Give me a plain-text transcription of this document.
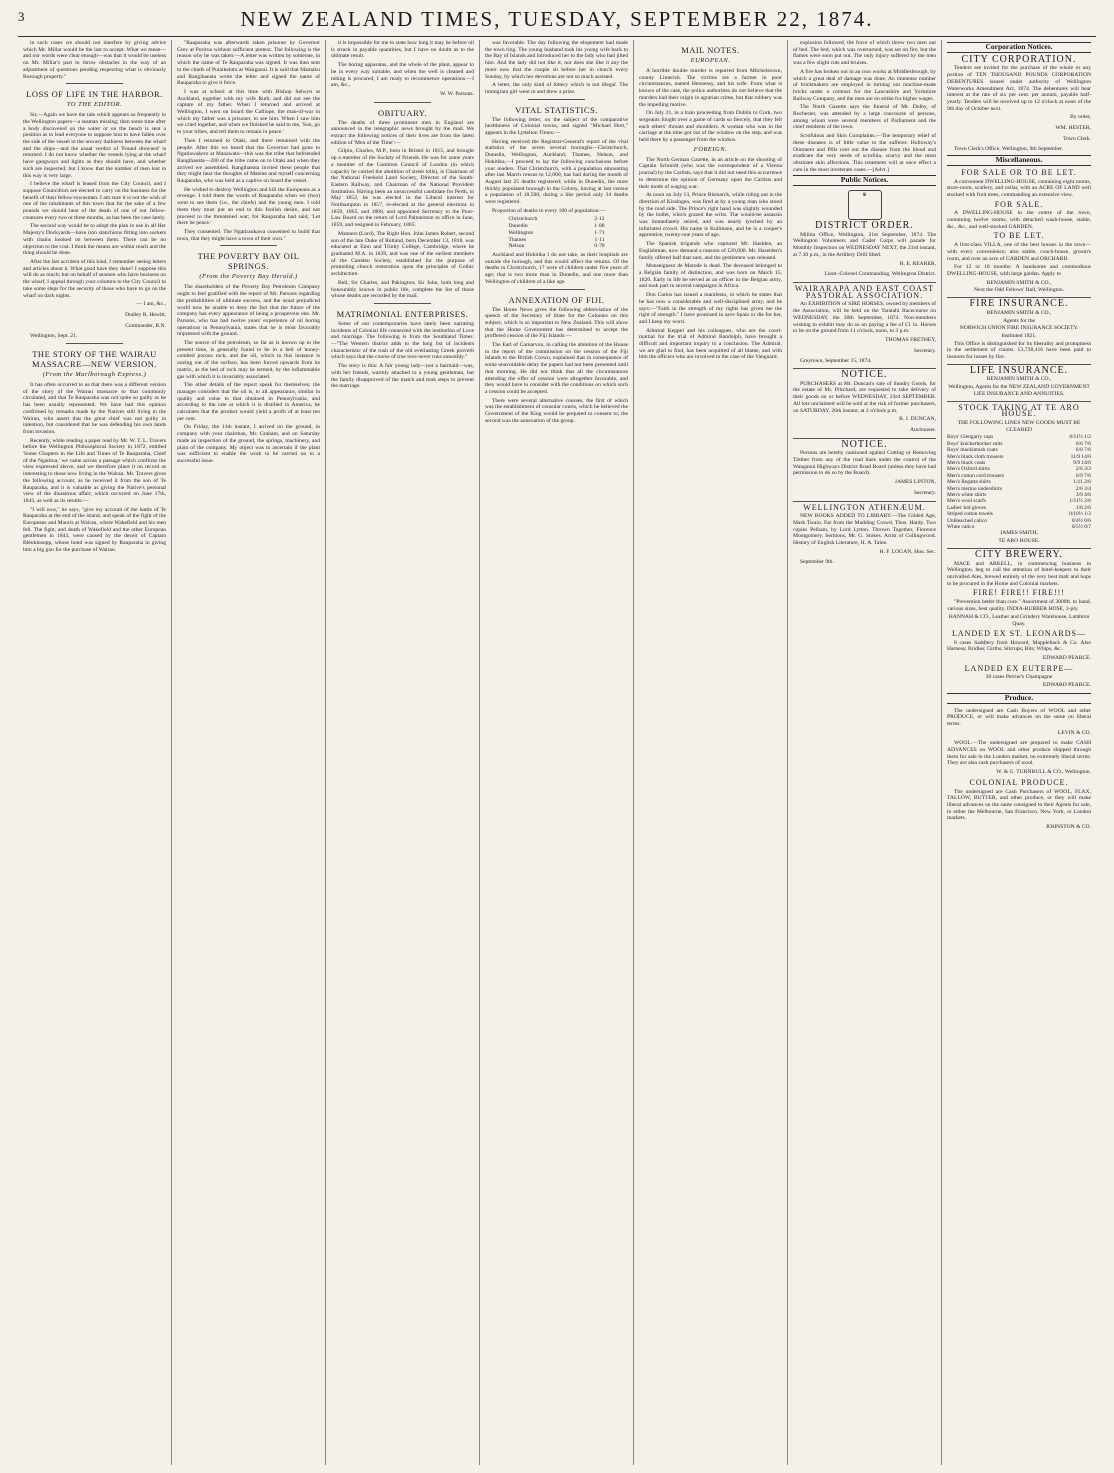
3	NEW ZEALAND TIMES, TUESDAY, SEPTEMBER 22, 1874.

in such cases we should not interfere by giving advice which Mr. Millar would be the last to accept. What we mean—and our words were clear enough—was that it would be useless on Mr. Millar's part to throw obstacles in the way of an adjustment of questions pending respecting what is obviously Borough property."

LOSS OF LIFE IN THE HARBOR.
TO THE EDITOR.

Sir,—Again we have the tale which appears so frequently in the Wellington papers—a seaman missing; then some time after a body discovered on the water or on the beach is sent a position as to lead everyone to suppose him to have fallen over the side of the vessel in the unwary darkness between the wharf and the ships—and the usual verdict of 'Found drowned' is returned. I do not know whether the vessels lying at the wharf have gangways and lights as they should have, and whether such are inspected; but I know that the number of men lost in this way is very large.

I believe the wharf is leased from the City Council, and I suppose Councillors are elected to carry on the business for the benefit of their fellow-townsmen. I am sure it is not the wish of one of the inhabitants of this town that for the sake of a few pounds we should hear of the death of one of our fellow-creatures every two or three months, as has been the case lately.

The second way would be to adopt the plan in use in all Her Majesty's Dockyards—have iron stanchions fitting into sockets with chains hooked on between them. There can be no objection to the cost. I think the means are within reach and the thing should be done.

After the last accident of this kind, I remember seeing letters and articles about it. What good have they done? I suppose this will do as much; but on behalf of seamen who have business on the wharf, I appeal through your columns to the City Council to take some steps for the security of those who have to go on the wharf on dark nights.

— I am, &c.,
Dudley R. Hewitt,
Commander, R.N.

Wellington, Sept. 21.

THE STORY OF THE WAIRAU MASSACRE—NEW VERSION.
(From the Marlborough Express.)

It has often occurred to us that there was a different version of the story of the Wairau massacre to that commonly circulated, and that Te Rauparaha was not quite so guilty as he has been usually represented. We have had this opinion confirmed by remarks made by the Natives still living in the Wairau, who assert that the great chief was not guilty in intention, but considered that he was defending his own lands from invasion.

Recently, while reading a paper read by Mr. W. T. L. Travers before the Wellington Philosophical Society in 1872, entitled 'Some Chapters in the Life and Times of Te Rauparaha, Chief of the Ngatitoa,' we came across a passage which confirms the view expressed above, and we therefore place it on record as interesting to those now living in the Wairau. Mr. Travers gives the following account, as he received it from the son of Te Rauparaha, and it is valuable as giving the Native's personal view of the disastrous affair, which occurred on June 17th, 1843, as well as its results:—

"I will now," he says, "give my account of the battle of Te Rauparaha at the end of the island, and speak of the fight of the Europeans and Maoris at Wairau, where Wakefield and his men fell. The fight, and death of Wakefield and the other European gentlemen in 1843, were caused by the deceit of Captain Blenkinsopp, whose bond was signed by Rauparaha in giving him a big gun for the purchase of Wairau.

"Rauparaha was afterwards taken prisoner by Governor Grey at Porirua without sufficient pretext. The following is the reason why he was taken:—A letter was written by someone, in which the name of Te Rauparaha was signed. It was then sent to the chiefs of Putaiketutu at Wanganui. It is said that Mamaku and Rangihaeata wrote the letter and signed the name of Rauparaha to give it force.

I was at school at this time with Bishop Selwyn at Auckland, together with my wife Ruth, and did not see the capture of my father. When I returned and arrived at Wellington, I went on board the Calliope, the man-of-war in which my father was a prisoner, to see him. When I saw him we cried together, and when we finished he said to me, 'Son, go to your tribes, and tell them to remain in peace.'

Then I returned to Otaki, and there remained with the people. After this we heard that the Governor had gone to Ngatiawakero at Manawatu—this was the tribe that befriended Rangihaeata—200 of the tribe came on to Otaki and when they arrived we assembled. Rangihaeata invited these people that they might hear the thoughts of Matene and myself concerning Rauparaha, who was held as a captive on board the vessel.

He wished to destroy Wellington and kill the Europeans as a revenge. I told them the words of Rauparaha when we (two) went to see them (i.e., the chiefs) and the young men. I told them they must put an end to this foolish desire, and not proceed to the threatened war; for Rauparaha had said, 'Let there be peace.'

They consented. The Ngatiraukawa consented to build that town, that they might have a town of their own."

THE POVERTY BAY OIL SPRINGS.
(From the Poverty Bay Herald.)

The shareholders of the Poverty Bay Petroleum Company ought to feel gratified with the report of Mr. Parsons regarding the probabilities of ultimate success, and the usual prejudiced world now be unable to deny the fact that the future of the company has every appearance of being a prosperous one. Mr. Parsons, who has had twelve years' experience of oil boring operations in Pennsylvania, states that he is most favorably impressed with the ground.

The source of the petroleum, so far as is known up to the present time, is generally found to be in a belt of honey-combed porous rock, and the oil, which in this instance is oozing out of the surface, has been forced upwards from its matrix, as the bed of rock may be termed, by the inflammable gas with which it is invariably associated.

The other details of the report speak for themselves; the manager considers that the oil is, to all appearance, similar in quality and value to that obtained in Pennsylvania, and according to the rate at which it is distilled in America, he calculates that the product would yield a profit of at least ten per cent.

On Friday, the 11th instant, I arrived on the ground, in company with your chairman, Mr. Graham, and on Saturday made an inspection of the ground, the springs, machinery, and plant of the company. My object was to ascertain if the plant was sufficient to enable the work to be carried on to a successful issue.

it is impossible for me to state how long it may be before oil is struck in payable quantities, but I have no doubt as to the ultimate result.

The boring apparatus, and the whole of the plant, appear to be in every way suitable, and when the well is cleaned and tubing is procured, I am ready to recommence operations.—I am, &c.,

W. W. Parsons.
OBITUARY.

The deaths of three prominent men in England are announced in the telegraphic news brought by the mail. We extract the following notices of their lives are from the latest edition of 'Men of the Time':—

Gilpin, Charles, M.P., born in Bristol in 1815, and brought up a member of the Society of Friends. He was for some years a member of the Common Council of London (in which capacity he carried the abolition of street tolls), is Chairman of the National Freehold Land Society, Director of the South-Eastern Railway, and Chairman of the National Provident Institution. Having been an unsuccessful candidate for Perth, in May 1852, he was elected in the Liberal interest for Northampton in 1857, re-elected at the general elections in 1859, 1865, and 1868, and appointed Secretary to the Poor-Law Board on the return of Lord Palmerston to office in June, 1859, and resigned in February, 1865.

Manners (Lord), The Right Hon. John James Robert, second son of the late Duke of Rutland, born December 13, 1818, was educated at Eton and Trinity College, Cambridge, where he graduated M.A. in 1839, and was one of the earliest members of the Camden Society, established for the purpose of promoting church restoration upon the principles of Gothic architecture.

Bell, Sir Charles, and Pakington, Sir John, both long and honourably known in public life, complete the list of those whose deaths are recorded by the mail.

MATRIMONIAL ENTERPRISES.

Some of our contemporaries have lately been narrating incidents of Colonial life connected with the institution of Love and marriage. The following is from the Southland Times:—"The Western district adds to the long list of incidents characteristic of the rush of the old everlasting Greek proverb which says that the course of true love never runs smoothly."

The story is this: A fair young lady—not a barmaid—was, with her friends, warmly attached to a young gentleman, but the family disapproved of the match and took steps to prevent the marriage.

was favorable. The day following the elopement had made the town ring. The young husband took his young wife back to the Bay of Islands and introduced her to the lady who had jilted him. And the lady did not like it, nor does she like it any the more now that the couple sit before her in church every Sunday, by which her devotions are not so much assisted.

A letter, the only kind of lottery which is not illegal. The immigrant girl went in and drew a prize.

VITAL STATISTICS.

The following letter, on the subject of the comparative healthiness of Colonial towns, and signed "Michael Hort," appears in the Lyttelton Times:—

Having received the Registrar-General's report of the vital statistics of the seven several boroughs—Christchurch, Dunedin, Wellington, Auckland, Thames, Nelson, and Hokitika,—I proceed to lay the following conclusions before your readers. That Christchurch, with a population amounting after last March census to 12,000, has had during the month of August last 25 deaths registered; while in Dunedin, the most thickly populated borough in the Colony, having at last census a population of 18,500, during a like period only 34 deaths were registered.

Proportion of deaths to every 100 of population:—

Christchurch	2·12
Dunedin	1·88
Wellington	1·71
Thames	1·11
Nelson	0·70

Auckland and Hokitika I do not take, as their hospitals are outside the borough, and this would affect the returns. Of the deaths in Christchurch, 17 were of children under five years of age; that is two more than in Dunedin, and one more than Wellington of children of a like age.

ANNEXATION OF FIJI.

The Home News gives the following abbreviation of the speech of the Secretary of State for the Colonies on this subject, which is so important to New Zealand. This will show that the Home Government has determined to accept the proffered cession of the Fiji Islands:—

The Earl of Carnarvon, in calling the attention of the House to the report of the commission on the cession of the Fiji Islands to the British Crown, explained that in consequence of some unavoidable delay the papers had not been presented until that morning. He did not think that all the circumstances attending the offer of cession were altogether favorable, and they would have to consider with the conditions on which such a cession could be accepted.

There were several alternative courses, the first of which was the establishment of consular courts, which he believed the Government of the King would be prepared to consent to; the second was the annexation of the group.

MAIL NOTES.
EUROPEAN.

A horrible double murder is reported from Mitchelstown, county Limerick. The victims are a farmer in poor circumstances, named Hennessy, and his wife. From what is known of the case, the police authorities do not believe that the murders had their origin in agrarian crime, but that robbery was the impelling motive.

On July 21, in a train proceeding from Dublin to Cork, two sergeants fought over a game of cards so fiercely, that they fell each others' throats and shoulders. A woman who was in the carriage at the time got out of the window on the step, and was held there by a passenger from the window.

FOREIGN.

The North German Gazette, in an article on the shooting of Captain Schmidt (who was the correspondent of a Vienna journal) by the Carlists, says that it did not need this occurrence to determine the opinion of Germany upon the Carlists and their mode of waging war.

At noon on July 13, Prince Bismarck, while riding out in the direction of Kissingen, was fired at by a young man who stood by the road side. The Prince's right hand was slightly wounded by the bullet, which grazed the wrist. The would-be assassin was immediately seized, and was nearly lynched by an infuriated crowd. His name is Kullmann, and he is a cooper's apprentice, twenty-one years of age.

The Spanish brigands who captured Mr. Haslden, an Englishman, now demand a ransom of £20,000. Mr. Haselden's family offered half that sum, and the gentlemen was released.

Monseigneur de Marode is dead. The deceased belonged to a Belgian family of distinction, and was born on March 15, 1820. Early in life he served as an officer in the Belgian army, and took part in several campaigns in Africa.

Don Carlos has issued a manifesto, in which he states that he has now a considerable and well-disciplined army, and he says:—"Faith in the strength of my rights has given me the right of strength." I have promised to save Spain or die for her, and I keep my word.

Admiral Keppel and his colleagues, who are the court-martial for the trial of Admiral Randolph, have brought a difficult and important inquiry to a conclusion. The Admiral, we are glad to find, has been acquitted of all blame, and with him the officers who are involved in the case of the Vanguard.

explosion followed, the force of which threw two men out of bed. The bed, which was overturned, was set on fire, but the flames were soon put out. The only injury suffered by the men was a few slight cuts and bruises.

A fire has broken out in an iron works at Middlesbrough, by which a great deal of damage was done. An immense number of brickmakers are employed in turning out machine-made bricks under a contract for the Lancashire and Yorkshire Railway Company, and the men are on strike for higher wages.

The North Gazette says the funeral of Mr. Dolby, of Rochester, was attended by a large concourse of persons, among whom were several members of Parliament and the chief residents of the town.

Scrofulous and Skin Complaints.—The temporary relief of these diseases is of little value to the sufferer. Holloway's Ointment and Pills root out the disease from the blood and eradicate the very seeds of scrofula, scurvy and the most obstinate skin affections. This treatment will at once effect a cure in the most inveterate cases.—[Advt.]

Public Notices.
♛
DISTRICT ORDER.

Militia Office, Wellington, 21st September, 1874. The Wellington Volunteers and Cadet Corps will parade for Monthly Inspection on WEDNESDAY NEXT, the 23rd instant, at 7.30 p.m., in the Artillery Drill Shed.

H. E. REARER,
Lieut.-Colonel Commanding, Wellington District.
WAIRARAPA AND EAST COAST PASTORAL ASSOCIATION.

An EXHIBITION of SIRE HORSES, owned by members of the Association, will be held on the Taratahi Racecourse on WEDNESDAY, the 30th September, 1874. Non-members wishing to exhibit may do so on paying a fee of £1 1s. Horses to be on the ground from 11 o'clock, noon, to 3 p.m.

THOMAS FRETHEY,
Secretary.

Greytown, September 15, 1874.

NOTICE.

PURCHASERS at Mr. Duncan's sale of Sundry Goods, for the estate of Mr. Pritchard, are requested to take delivery of their goods on or before WEDNESDAY, 23rd SEPTEMBER. All lots unclaimed will be sold at the risk of former purchasers, on SATURDAY, 26th instant, at 2 o'clock p.m.

R. J. DUNCAN,
Auctioneer.
NOTICE.

Persons are hereby cautioned against Cutting or Removing Timber from any of the road lines under the control of the Wanganui Highways District Road Board (unless they have had permission to do so by the Board).

JAMES LINTON,
Secretary.
WELLINGTON ATHENÆUM.

NEW BOOKS ADDED TO LIBRARY.—The Gilded Age, Mark Twain. Far from the Madding Crowd, Thos. Hardy. Two copies Pelham, by Lord Lytton. Thrown Together, Florence Montgomery. Sermons, Mr. G. Stokes. Artist of Collingwood. History of English Literature, H. A. Taine.

H. F. LOGAN, Hon. Sec.

September 9th.

Corporation Notices.
CITY CORPORATION.

Tenders are invited for the purchase of the whole or any portion of TEN THOUSAND POUNDS CORPORATION DEBENTURES issued under authority of Wellington Waterworks Amendment Act, 1874. The debentures will bear interest at the rate of six per cent. per annum, payable half-yearly. Tenders will be received up to 12 o'clock at noon of the 9th day of October next.

By order,
WM. HESTER,
Town Clerk.

Town Clerk's Office, Wellington, 9th September.

Miscellaneous.
FOR SALE OR TO BE LET.

A convenient DWELLING-HOUSE, containing eight rooms, store-room, scullery, and cellar, with an ACRE OF LAND well stocked with fruit trees, commanding an extensive view.

FOR SALE.

A DWELLING-HOUSE in the centre of the town, containing twelve rooms, with detached wash-house, stable, &c., &c., and well-stocked GARDEN.

TO BE LET.

A first-class VILLA, one of the best houses in the town—with every convenience; also stable, coach-house, groom's room, and over an acre of GARDEN and ORCHARD.

For 12 or 18 months: A handsome and commodious DWELLING-HOUSE, with large garden. Apply to

BENJAMIN SMITH & CO.,
Next the Odd Fellows' Hall, Wellington.
FIRE INSURANCE.
BENJAMIN SMITH & CO.,
Agents for the
NORWICH UNION FIRE INSURANCE SOCIETY.
Instituted 1821.

This Office is distinguished for its liberality and promptness in the settlement of claims. £3,738,416 have been paid to insurers for losses by fire.

LIFE INSURANCE.
BENJAMIN SMITH & CO.,
Wellington, Agents for the NEW ZEALAND GOVERNMENT LIFE INSURANCE AND ANNUITIES.
STOCK TAKING AT TE ARO HOUSE.
THE FOLLOWING LINES NEW GOODS MUST BE CLEARED
Boys' Glengarry caps	0/11½ 1/2
Boys' knickerbocker suits	6/6 7/6
Boys' mackintosh coats	6/0 7/6
Men's black cloth trousers	11/9 14/6
Men's black coats	9/9 14/6
Men's Oxford shirts	2/6 3/3
Men's cotton cord trousers	6/9 7/6
Men's Regatta shirts	1/11 2/6
Men's merino undershirts	2/6 3/4
Men's white shirts	3/9 4/6
Men's wool scarfs	1/11½ 2/6
Ladies' kid gloves	1/6 2/6
Striped cotton towels	0/10½ 1/3
Unbleached calico	0/4½ 0/6
White calico	0/5½ 0/7
JAMES SMITH,
TE ARO HOUSE.
CITY BREWERY.

MACE and ARKELL, in commencing business in Wellington, beg to call the attention of hotel-keepers to their unrivalled Ales, brewed entirely of the very best malt and hops to be procured in the Home and Colonial markets.

FIRE! FIRE!! FIRE!!!

"Prevention better than cure." Assortment of 3000ft. to hand, various sizes, best quality, INDIA-RUBBER HOSE, 3-ply.

HANNAH & CO., Leather and Grindery Warehouse, Lambton Quay.
LANDED EX ST. LEONARDS—

8 cases Saddlery from Howard, Mappleback & Co. Also Harness; Bridles; Girths; Stirrups; Bits; Whips, &c.

EDWARD PEARCE.
LANDED EX EUTERPE—
30 cases Perrier's Champagne
EDWARD PEARCE.
Produce.

The undersigned are Cash Buyers of WOOL and other PRODUCE, or will make advances on the same on liberal terms.

LEVIN & CO.

WOOL.—The undersigned are prepared to make CASH ADVANCES on WOOL and other produce shipped through them for sale in the London market, on extremely liberal terms. They are also cash purchasers of wool.

W. & G. TURNBULL & CO., Wellington.
COLONIAL PRODUCE.

The undersigned are Cash Purchasers of WOOL, FLAX, TALLOW, BUTTER, and other produce, or they will make liberal advances on the same consigned to their Agents for sale, in either the Melbourne, San Francisco, New York, or London markets.

JOHNSTON & CO.
